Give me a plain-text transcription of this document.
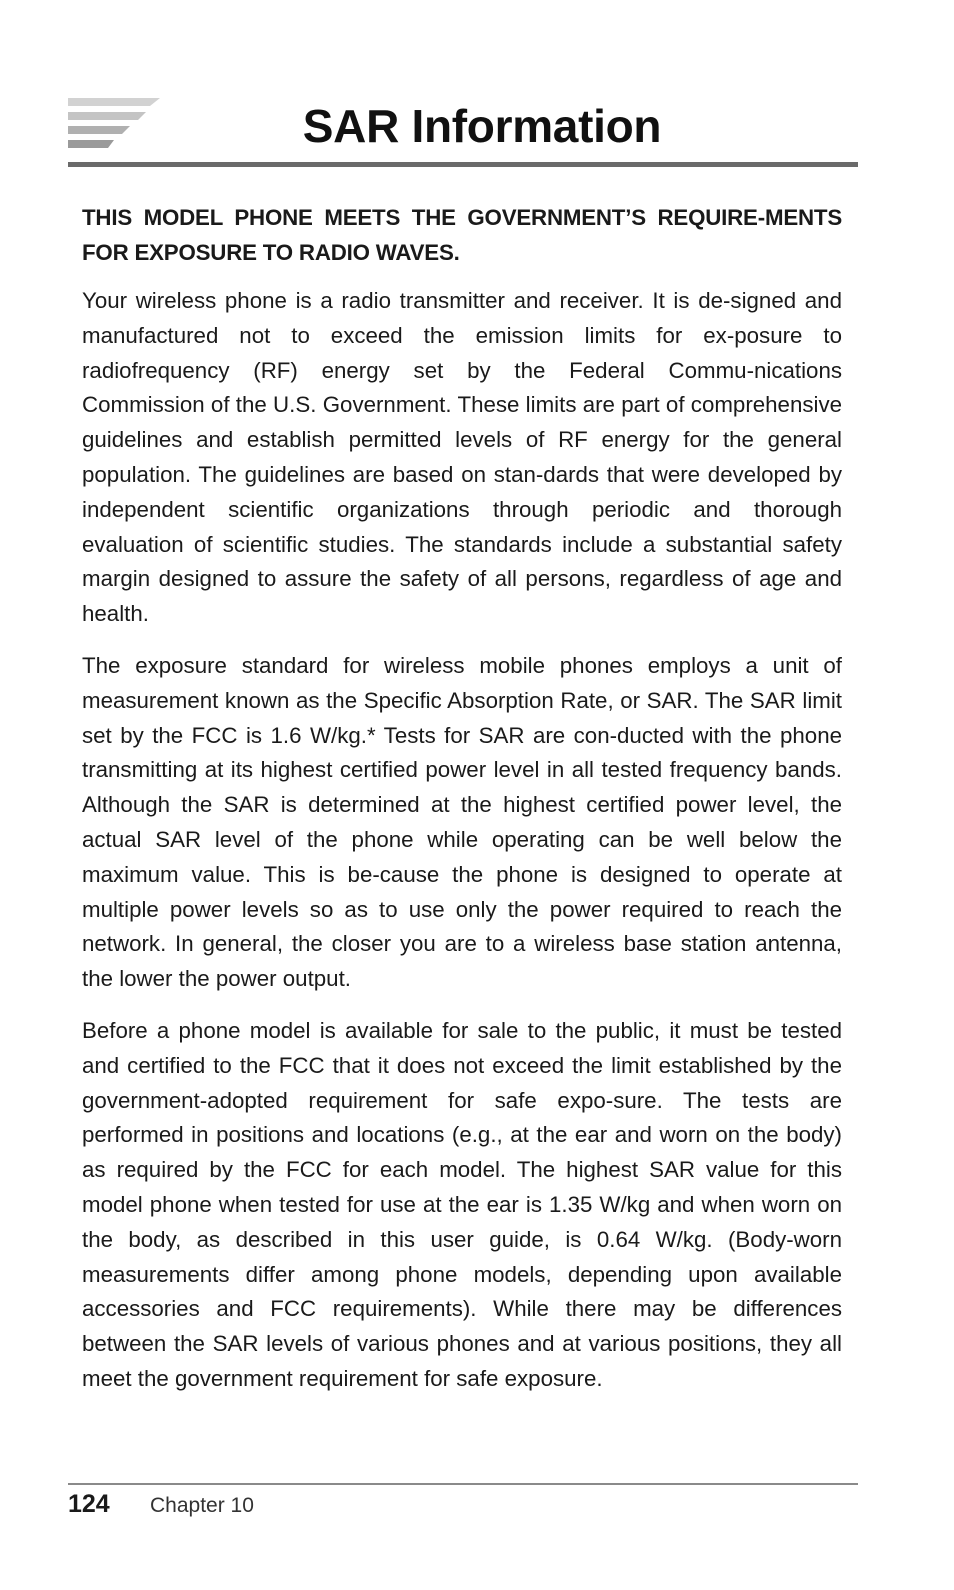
SAR Information

THIS MODEL PHONE MEETS THE GOVERNMENT’S REQUIRE-MENTS FOR EXPOSURE TO RADIO WAVES.

Your wireless phone is a radio transmitter and receiver. It is de-signed and manufactured not to exceed the emission limits for ex-posure to radiofrequency (RF) energy set by the Federal Commu-nications Commission of the U.S. Government. These limits are part of comprehensive guidelines and establish permitted levels of RF energy for the general population. The guidelines are based on stan-dards that were developed by independent scientific organizations through periodic and thorough evaluation of scientific studies. The standards include a substantial safety margin designed to assure the safety of all persons, regardless of age and health.

The exposure standard for wireless mobile phones employs a unit of measurement known as the Specific Absorption Rate, or SAR. The SAR limit set by the FCC is 1.6 W/kg.* Tests for SAR are con-ducted with the phone transmitting at its highest certified power level in all tested frequency bands. Although the SAR is determined at the highest certified power level, the actual SAR level of the phone while operating can be well below the maximum value. This is be-cause the phone is designed to operate at multiple power levels so as to use only the power required to reach the network. In general, the closer you are to a wireless base station antenna, the lower the power output.

Before a phone model is available for sale to the public, it must be tested and certified to the FCC that it does not exceed the limit established by the government-adopted requirement for safe expo-sure. The tests are performed in positions and locations (e.g., at the ear and worn on the body) as required by the FCC for each model. The highest SAR value for this model phone when tested for use at the ear is 1.35 W/kg and when worn on the body, as described in this user guide, is 0.64 W/kg. (Body-worn measurements differ among phone models, depending upon available accessories and FCC requirements). While there may be differences between the SAR levels of various phones and at various positions, they all meet the government requirement for safe exposure.

124 Chapter 10
